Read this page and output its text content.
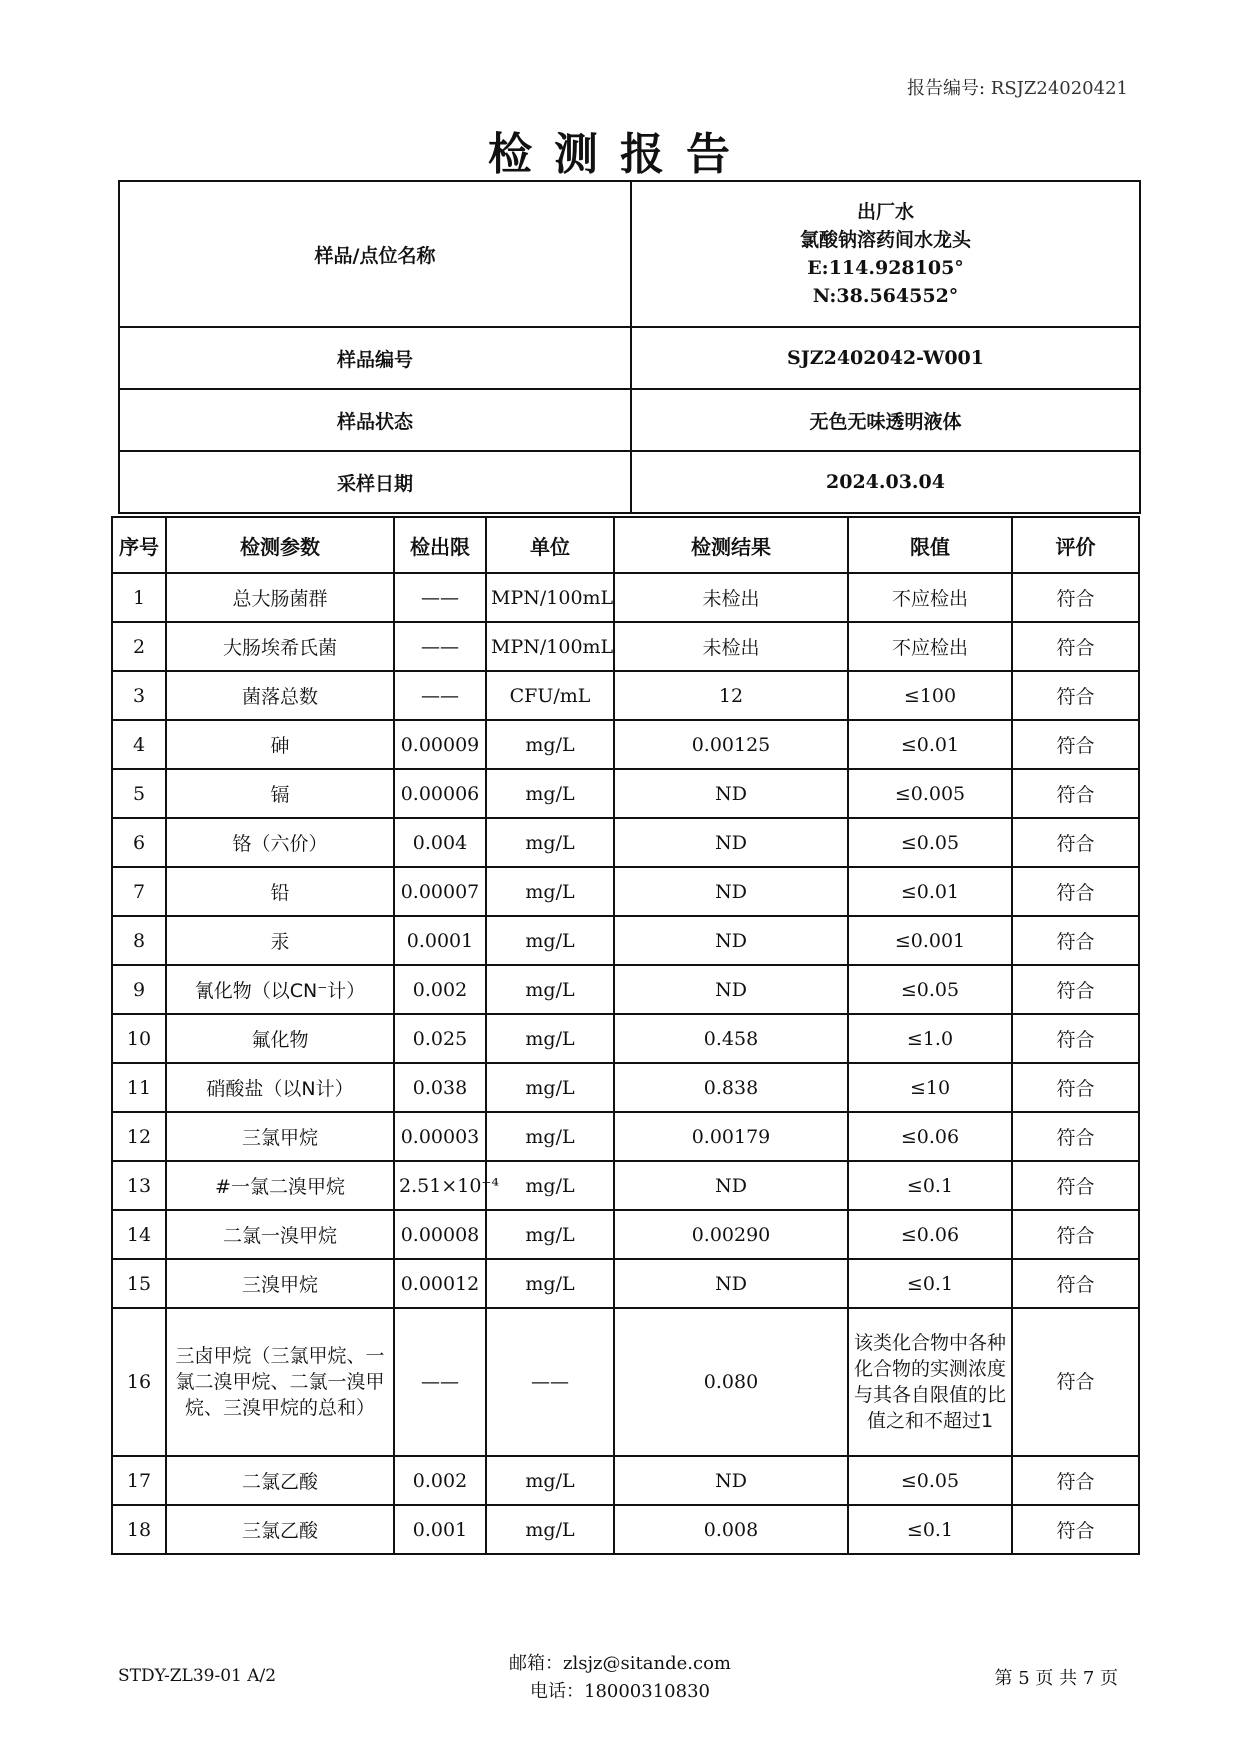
报告编号: RSJZ24020421
检测报告
样品/点位名称	出厂水
氯酸钠溶药间水龙头
E:114.928105°
N:38.564552°

样品编号	SJZ2402042-W001
样品状态	无色无味透明液体
采样日期	2024.03.04
序号	检测参数	检出限	单位	检测结果	限值	评价
1	总大肠菌群	——	MPN/100mL	未检出	不应检出	符合
2	大肠埃希氏菌	——	MPN/100mL	未检出	不应检出	符合
3	菌落总数	——	CFU/mL	12	≤100	符合
4	砷	0.00009	mg/L	0.00125	≤0.01	符合
5	镉	0.00006	mg/L	ND	≤0.005	符合
6	铬（六价）	0.004	mg/L	ND	≤0.05	符合
7	铅	0.00007	mg/L	ND	≤0.01	符合
8	汞	0.0001	mg/L	ND	≤0.001	符合
9	氰化物（以CN⁻计）	0.002	mg/L	ND	≤0.05	符合
10	氟化物	0.025	mg/L	0.458	≤1.0	符合
11	硝酸盐（以N计）	0.038	mg/L	0.838	≤10	符合
12	三氯甲烷	0.00003	mg/L	0.00179	≤0.06	符合
13	#一氯二溴甲烷	2.51×10⁻⁴	mg/L	ND	≤0.1	符合
14	二氯一溴甲烷	0.00008	mg/L	0.00290	≤0.06	符合
15	三溴甲烷	0.00012	mg/L	ND	≤0.1	符合
16	三卤甲烷（三氯甲烷、一氯二溴甲烷、二氯一溴甲烷、三溴甲烷的总和）	——	——	0.080	该类化合物中各种化合物的实测浓度与其各自限值的比值之和不超过1	符合
17	二氯乙酸	0.002	mg/L	ND	≤0.05	符合
18	三氯乙酸	0.001	mg/L	0.008	≤0.1	符合
STDY-ZL39-01 A/2
邮箱：zlsjz@sitande.com
电话：18000310830
第 5 页 共 7 页
